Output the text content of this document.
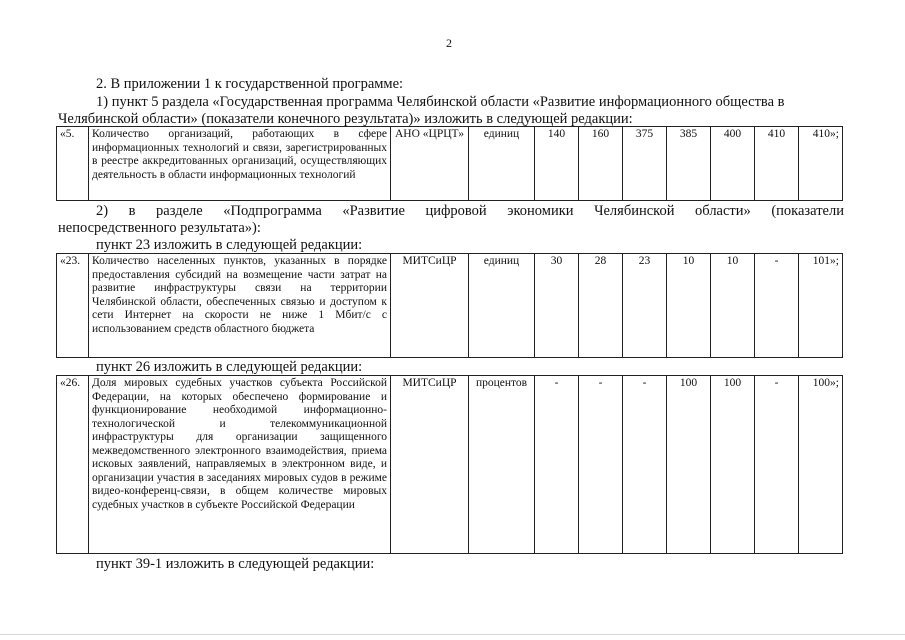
2
2. В приложении 1 к государственной программе:
1) пункт 5 раздела «Государственная программа Челябинской области «Развитие информационного общества в
Челябинской области» (показатели конечного результата)» изложить в следующей редакции:
«5.	Количество организаций, работающих в сфере информационных технологий и связи, зарегистрированных в реестре аккредитованных организаций, осуществляющих деятельность в области информационных технологий	АНО «ЦРЦТ»	единиц	140	160	375	385	400	410	410»;
2) в разделе «Подпрограмма «Развитие цифровой экономики Челябинской области» (показатели
непосредственного результата»):
пункт 23 изложить в следующей редакции:
«23.	Количество населенных пунктов, указанных в порядке предоставления субсидий на возмещение части затрат на развитие инфраструктуры связи на территории Челябинской области, обеспеченных связью и доступом к сети Интернет на скорости не ниже 1 Мбит/с с использованием средств областного бюджета	МИТСиЦР	единиц	30	28	23	10	10	-	101»;
пункт 26 изложить в следующей редакции:
«26.	Доля мировых судебных участков субъекта Российской Федерации, на которых обеспечено формирование и функционирование необходимой информационно-технологической и телекоммуникационной инфраструктуры для организации защищенного межведомственного электронного взаимодействия, приема исковых заявлений, направляемых в электронном виде, и организации участия в заседаниях мировых судов в режиме видео-конференц-связи, в общем количестве мировых судебных участков в субъекте Российской Федерации	МИТСиЦР	процентов	-	-	-	100	100	-	100»;
пункт 39-1 изложить в следующей редакции:
